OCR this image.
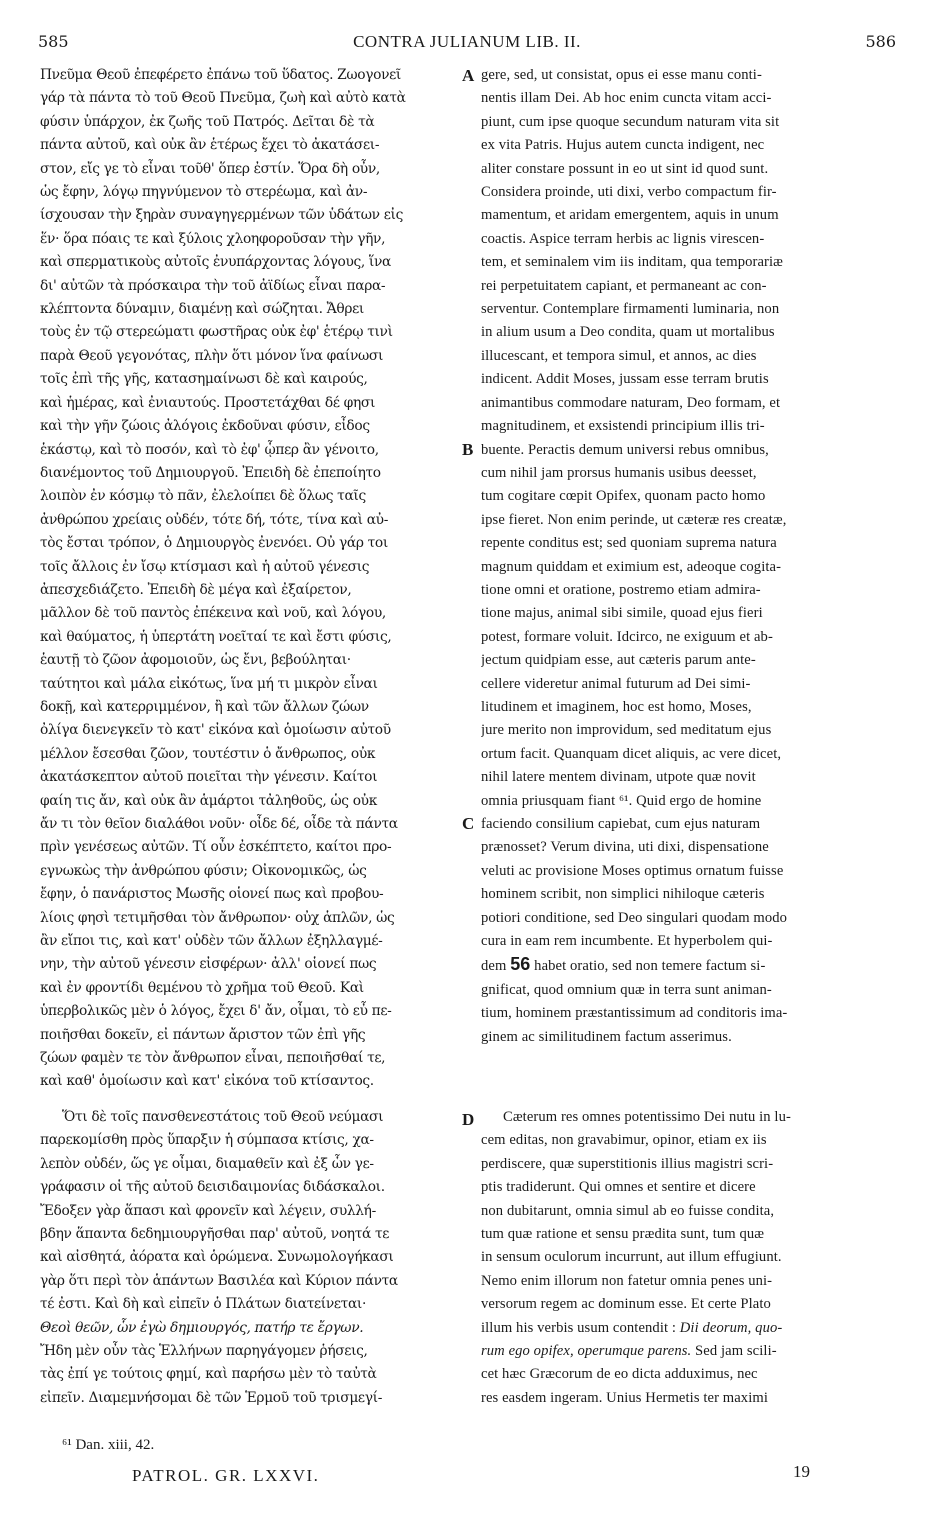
585	CONTRA JULIANUM LIB. II.	586

Πνεῦμα Θεοῦ ἐπεφέρετο ἐπάνω τοῦ ὕδατος. Ζωογονεῖ

γάρ τὰ πάντα τὸ τοῦ Θεοῦ Πνεῦμα, ζωὴ καὶ αὐτὸ κατὰ

φύσιν ὑπάρχον, ἐκ ζωῆς τοῦ Πατρός. Δεῖται δὲ τὰ

πάντα αὐτοῦ, καὶ οὐκ ἂν ἑτέρως ἔχει τὸ ἀκατάσει-

στον, εἴς γε τὸ εἶναι τοῦθ' ὅπερ ἐστίν. Ὅρα δὴ οὖν,

ὡς ἔφην, λόγῳ πηγνύμενον τὸ στερέωμα, καὶ ἀν-

ίσχουσαν τὴν ξηρὰν συναγηγερμένων τῶν ὑδάτων εἰς

ἕν· ὅρα πόαις τε καὶ ξύλοις χλοηφοροῦσαν τὴν γῆν,

καὶ σπερματικοὺς αὐτοῖς ἐνυπάρχοντας λόγους, ἵνα

δι' αὐτῶν τὰ πρόσκαιρα τὴν τοῦ ἀϊδίως εἶναι παρα-

κλέπτοντα δύναμιν, διαμένῃ καὶ σώζηται. Ἄθρει

τοὺς ἐν τῷ στερεώματι φωστῆρας οὐκ ἐφ' ἑτέρῳ τινὶ

παρὰ Θεοῦ γεγονότας, πλὴν ὅτι μόνον ἵνα φαίνωσι

τοῖς ἐπὶ τῆς γῆς, κατασημαίνωσι δὲ καὶ καιρούς,

καὶ ἡμέρας, καὶ ἐνιαυτούς. Προστετάχθαι δέ φησι

καὶ τὴν γῆν ζώοις ἀλόγοις ἐκδοῦναι φύσιν, εἶδος

ἑκάστῳ, καὶ τὸ ποσόν, καὶ τὸ ἐφ' ᾧπερ ἂν γένοιτο,

διανέμοντος τοῦ Δημιουργοῦ. Ἐπειδὴ δὲ ἐπεποίητο

λοιπὸν ἐν κόσμῳ τὸ πᾶν, ἐλελοίπει δὲ ὅλως ταῖς

ἀνθρώπου χρείαις οὐδέν, τότε δή, τότε, τίνα καὶ αὐ-

τὸς ἔσται τρόπον, ὁ Δημιουργὸς ἐνενόει. Οὐ γάρ τοι

τοῖς ἄλλοις ἐν ἴσῳ κτίσμασι καὶ ἡ αὐτοῦ γένεσις

ἀπεσχεδιάζετο. Ἐπειδὴ δὲ μέγα καὶ ἐξαίρετον,

μᾶλλον δὲ τοῦ παντὸς ἐπέκεινα καὶ νοῦ, καὶ λόγου,

καὶ θαύματος, ἡ ὑπερτάτη νοεῖταί τε καὶ ἔστι φύσις,

ἑαυτῇ τὸ ζῶον ἀφομοιοῦν, ὡς ἔνι, βεβούληται·

ταύτητοι καὶ μάλα εἰκότως, ἵνα μή τι μικρὸν εἶναι

δοκῇ, καὶ κατερριμμένον, ἢ καὶ τῶν ἄλλων ζώων

ὀλίγα διενεγκεῖν τὸ κατ' εἰκόνα καὶ ὁμοίωσιν αὐτοῦ

μέλλον ἔσεσθαι ζῶον, τουτέστιν ὁ ἄνθρωπος, οὐκ

ἀκατάσκεπτον αὐτοῦ ποιεῖται τὴν γένεσιν. Καίτοι

φαίη τις ἄν, καὶ οὐκ ἂν ἁμάρτοι τἀληθοῦς, ὡς οὐκ

ἄν τι τὸν θεῖον διαλάθοι νοῦν· οἶδε δέ, οἶδε τὰ πάντα

πρὶν γενέσεως αὐτῶν. Τί οὖν ἐσκέπτετο, καίτοι προ-

εγνωκὼς τὴν ἀνθρώπου φύσιν; Οἰκονομικῶς, ὡς

ἔφην, ὁ πανάριστος Μωσῆς οἱονεί πως καὶ προβου-

λίοις φησὶ τετιμῆσθαι τὸν ἄνθρωπον· οὐχ ἁπλῶν, ὡς

ἂν εἴποι τις, καὶ κατ' οὐδὲν τῶν ἄλλων ἐξηλλαγμέ-

νην, τὴν αὐτοῦ γένεσιν εἰσφέρων· ἀλλ' οἱονεί πως

καὶ ἐν φροντίδι θεμένου τὸ χρῆμα τοῦ Θεοῦ. Καὶ

ὑπερβολικῶς μὲν ὁ λόγος, ἔχει δ' ἄν, οἶμαι, τὸ εὖ πε-

ποιῆσθαι δοκεῖν, εἰ πάντων ἄριστον τῶν ἐπὶ γῆς

ζώων φαμὲν τε τὸν ἄνθρωπον εἶναι, πεποιῆσθαί τε,

καὶ καθ' ὁμοίωσιν καὶ κατ' εἰκόνα τοῦ κτίσαντος.

Ὅτι δὲ τοῖς πανσθενεστάτοις τοῦ Θεοῦ νεύμασι

παρεκομίσθη πρὸς ὕπαρξιν ἡ σύμπασα κτίσις, χα-

λεπὸν οὐδέν, ὥς γε οἶμαι, διαμαθεῖν καὶ ἐξ ὧν γε-

γράφασιν οἱ τῆς αὐτοῦ δεισιδαιμονίας διδάσκαλοι.

Ἔδοξεν γὰρ ἅπασι καὶ φρονεῖν καὶ λέγειν, συλλή-

βδην ἅπαντα δεδημιουργῆσθαι παρ' αὐτοῦ, νοητά τε

καὶ αἰσθητά, ἀόρατα καὶ ὁρώμενα. Συνωμολογήκασι

γὰρ ὅτι περὶ τὸν ἁπάντων Βασιλέα καὶ Κύριον πάντα

τέ ἐστι. Καὶ δὴ καὶ εἰπεῖν ὁ Πλάτων διατείνεται·

Θεοὶ θεῶν, ὧν ἐγὼ δημιουργός, πατήρ τε ἔργων.

Ἤδη μὲν οὖν τὰς Ἑλλήνων παρηγάγομεν ῥήσεις,

τὰς ἐπί γε τούτοις φημί, καὶ παρήσω μὲν τὸ ταὐτὰ

εἰπεῖν. Διαμεμνήσομαι δὲ τῶν Ἑρμοῦ τοῦ τρισμεγί-

gere, sed, ut consistat, opus ei esse manu conti-

nentis illam Dei. Ab hoc enim cuncta vitam acci-

piunt, cum ipse quoque secundum naturam vita sit

ex vita Patris. Hujus autem cuncta indigent, nec

aliter constare possunt in eo ut sint id quod sunt.

Considera proinde, uti dixi, verbo compactum fir-

mamentum, et aridam emergentem, aquis in unum

coactis. Aspice terram herbis ac lignis virescen-

tem, et seminalem vim iis inditam, qua temporariæ

rei perpetuitatem capiant, et permaneant ac con-

serventur. Contemplare firmamenti luminaria, non

in alium usum a Deo condita, quam ut mortalibus

illucescant, et tempora simul, et annos, ac dies

indicent. Addit Moses, jussam esse terram brutis

animantibus commodare naturam, Deo formam, et

magnitudinem, et exsistendi principium illis tri-

buente. Peractis demum universi rebus omnibus,

cum nihil jam prorsus humanis usibus deesset,

tum cogitare cœpit Opifex, quonam pacto homo

ipse fieret. Non enim perinde, ut cæteræ res creatæ,

repente conditus est; sed quoniam suprema natura

magnum quiddam et eximium est, adeoque cogita-

tione omni et oratione, postremo etiam admira-

tione majus, animal sibi simile, quoad ejus fieri

potest, formare voluit. Idcirco, ne exiguum et ab-

jectum quidpiam esse, aut cæteris parum ante-

cellere videretur animal futurum ad Dei simi-

litudinem et imaginem, hoc est homo, Moses,

jure merito non improvidum, sed meditatum ejus

ortum facit. Quanquam dicet aliquis, ac vere dicet,

nihil latere mentem divinam, utpote quæ novit

omnia priusquam fiant ⁶¹. Quid ergo de homine

faciendo consilium capiebat, cum ejus naturam

prænosset? Verum divina, uti dixi, dispensatione

veluti ac provisione Moses optimus ornatum fuisse

hominem scribit, non simplici nihiloque cæteris

potiori conditione, sed Deo singulari quodam modo

cura in eam rem incumbente. Et hyperbolem qui-

dem 56 habet oratio, sed non temere factum si-

gnificat, quod omnium quæ in terra sunt animan-

tium, hominem præstantissimum ad conditoris ima-

ginem ac similitudinem factum asserimus.

Cæterum res omnes potentissimo Dei nutu in lu-

cem editas, non gravabimur, opinor, etiam ex iis

perdiscere, quæ superstitionis illius magistri scri-

ptis tradiderunt. Qui omnes et sentire et dicere

non dubitarunt, omnia simul ab eo fuisse condita,

tum quæ ratione et sensu prædita sunt, tum quæ

in sensum oculorum incurrunt, aut illum effugiunt.

Nemo enim illorum non fatetur omnia penes uni-

versorum regem ac dominum esse. Et certe Plato

illum his verbis usum contendit : Dii deorum, quo-

rum ego opifex, operumque parens. Sed jam scili-

cet hæc Græcorum de eo dicta adduximus, nec

res easdem ingeram. Unius Hermetis ter maximi

A
B
C
D
⁶¹ Dan. xiii, 42.
PATROL. GR. LXXVI.	19
